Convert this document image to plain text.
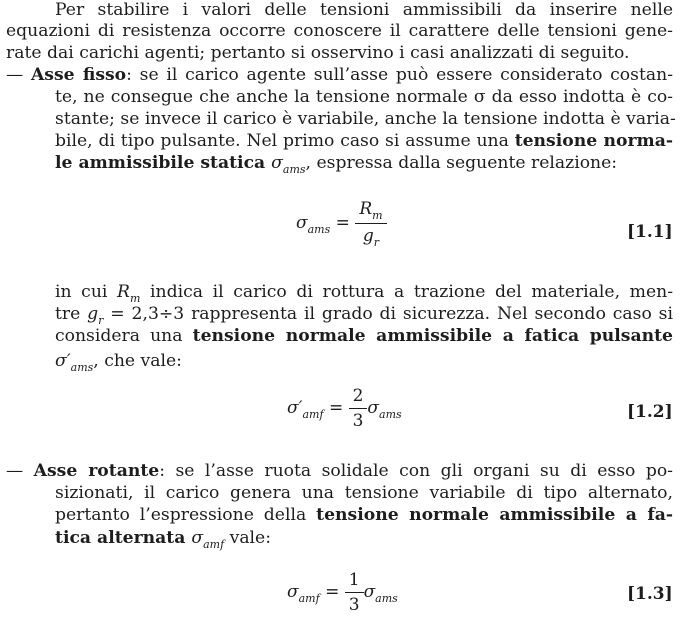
Per stabilire i valori delle tensioni ammissibili da inserire nelle
equazioni di resistenza occorre conoscere il carattere delle tensioni gene-
rate dai carichi agenti; pertanto si osservino i casi analizzati di seguito.
— Asse fisso: se il carico agente sull’asse può essere considerato costan-
te, ne consegue che anche la tensione normale σ da esso indotta è co-
stante; se invece il carico è variabile, anche la tensione indotta è varia-
bile, di tipo pulsante. Nel primo caso si assume una tensione norma-
le ammissibile statica $\sigma_{ams}$, espressa dalla seguente relazione:
$\sigma_{ams} = \frac{R_m}{g_r}$	[1.1]
in cui $R_m$ indica il carico di rottura a trazione del materiale, men-
tre $g_r = 2,3\div 3$ rappresenta il grado di sicurezza. Nel secondo caso si
considera una tensione normale ammissibile a fatica pulsante
$\sigma'_{ams}$, che vale:
$\sigma'_{amf} = \frac{2}{3} \sigma_{ams}$	[1.2]
— Asse rotante: se l’asse ruota solidale con gli organi su di esso po-
sizionati, il carico genera una tensione variabile di tipo alternato,
pertanto l’espressione della tensione normale ammissibile a fa-
tica alternata $\sigma_{amf}$ vale:
$\sigma_{amf} = \frac{1}{3} \sigma_{ams}$	[1.3]
